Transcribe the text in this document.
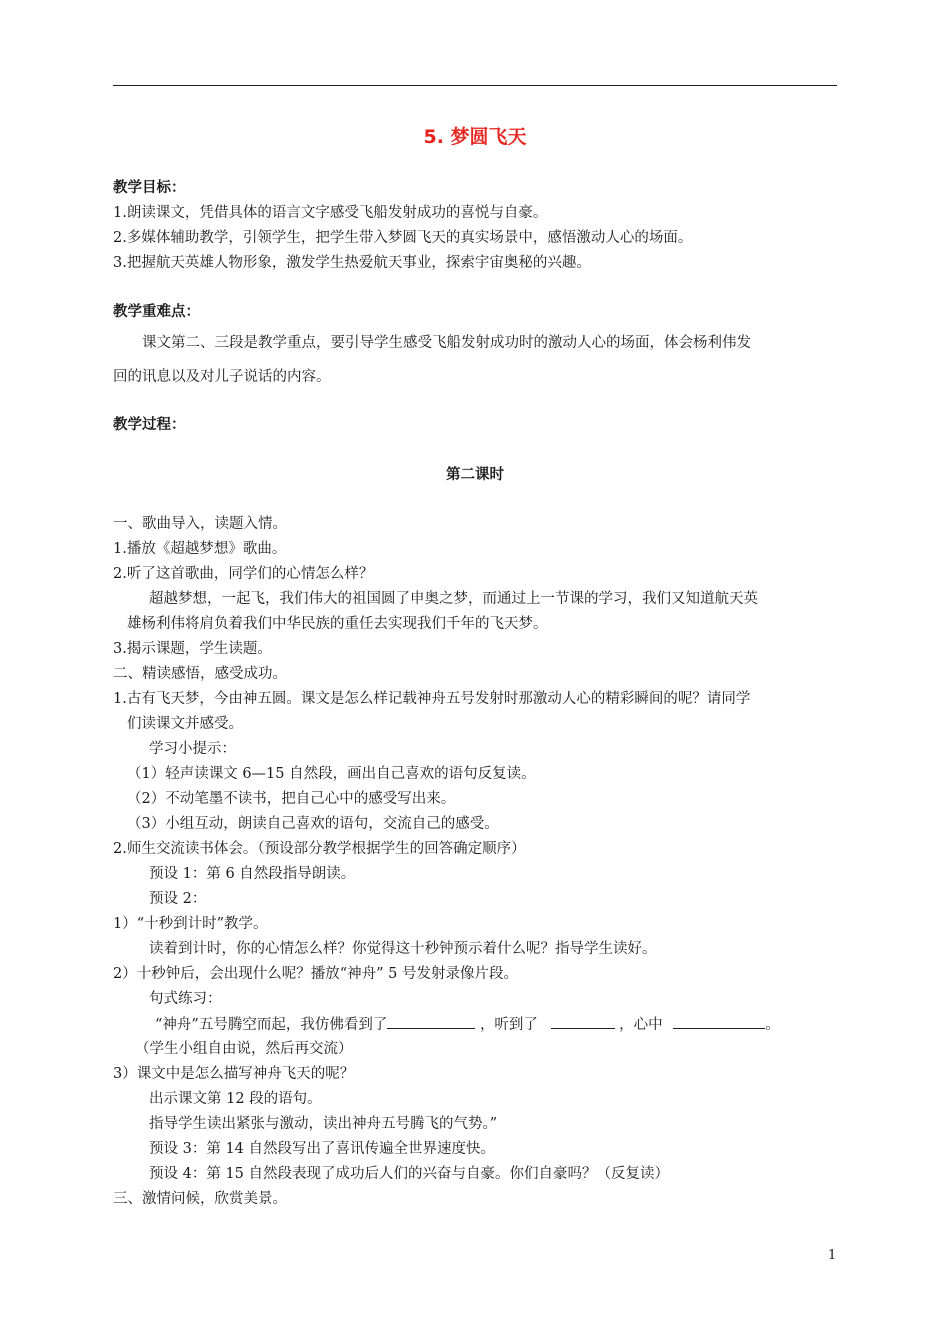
5. 梦圆飞天
教学目标：
1.朗读课文，凭借具体的语言文字感受飞船发射成功的喜悦与自豪。
2.多媒体辅助教学，引领学生，把学生带入梦圆飞天的真实场景中，感悟激动人心的场面。
3.把握航天英雄人物形象，激发学生热爱航天事业，探索宇宙奥秘的兴趣。
教学重难点：
课文第二、三段是教学重点，要引导学生感受飞船发射成功时的激动人心的场面，体会杨利伟发
回的讯息以及对儿子说话的内容。
教学过程：
第二课时
一、歌曲导入，读题入情。
1.播放《超越梦想》歌曲。
2.听了这首歌曲，同学们的心情怎么样？
超越梦想，一起飞，我们伟大的祖国圆了申奥之梦，而通过上一节课的学习，我们又知道航天英
雄杨利伟将肩负着我们中华民族的重任去实现我们千年的飞天梦。
3.揭示课题，学生读题。
二、精读感悟，感受成功。
1.古有飞天梦，今由神五圆。课文是怎么样记载神舟五号发射时那激动人心的精彩瞬间的呢？请同学
们读课文并感受。
学习小提示：
（1）轻声读课文 6—15 自然段，画出自己喜欢的语句反复读。
（2）不动笔墨不读书，把自己心中的感受写出来。
（3）小组互动，朗读自己喜欢的语句，交流自己的感受。
2.师生交流读书体会。（预设部分教学根据学生的回答确定顺序）
预设 1：第 6 自然段指导朗读。
预设 2：
1）“十秒到计时”教学。
读着到计时，你的心情怎么样？你觉得这十秒钟预示着什么呢？指导学生读好。
2）十秒钟后，会出现什么呢？播放“神舟” 5 号发射录像片段。
句式练习：
“神舟”五号腾空而起，我仿佛看到了	，听到了	，心中	。
（学生小组自由说，然后再交流）
3）课文中是怎么描写神舟飞天的呢？
出示课文第 12 段的语句。
指导学生读出紧张与激动，读出神舟五号腾飞的气势。”
预设 3：第 14 自然段写出了喜讯传遍全世界速度快。
预设 4：第 15 自然段表现了成功后人们的兴奋与自豪。你们自豪吗？（反复读）
三、激情问候，欣赏美景。
1
